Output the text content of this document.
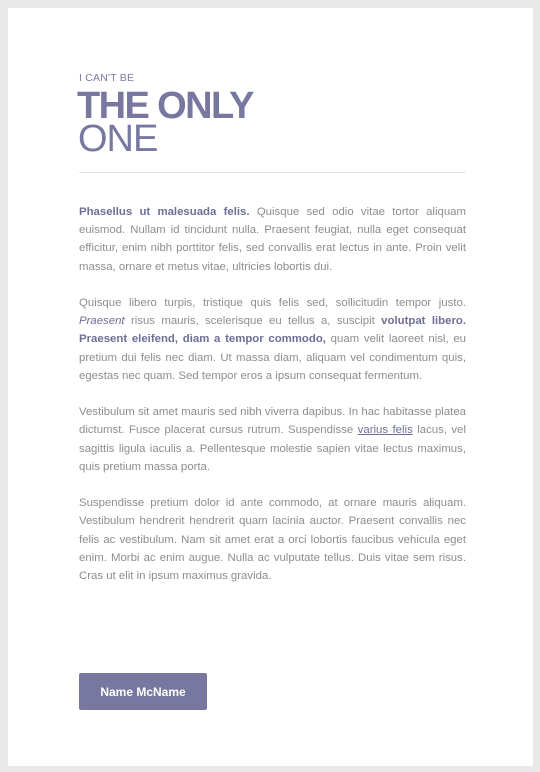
I CAN'T BE
THE ONLY
ONE

Phasellus ut malesuada felis. Quisque sed odio vitae tortor aliquam euismod. Nullam id tincidunt nulla. Praesent feugiat, nulla eget consequat efficitur, enim nibh porttitor felis, sed convallis erat lectus in ante. Proin velit massa, ornare et metus vitae, ultricies lobortis dui.

Quisque libero turpis, tristique quis felis sed, sollicitudin tempor justo. Praesent risus mauris, scelerisque eu tellus a, suscipit volutpat libero. Praesent eleifend, diam a tempor commodo, quam velit laoreet nisl, eu pretium dui felis nec diam. Ut massa diam, aliquam vel condimentum quis, egestas nec quam. Sed tempor eros a ipsum consequat fermentum.

Vestibulum sit amet mauris sed nibh viverra dapibus. In hac habitasse platea dictumst. Fusce placerat cursus rutrum. Suspendisse varius felis lacus, vel sagittis ligula iaculis a. Pellentesque molestie sapien vitae lectus maximus, quis pretium massa porta.

Suspendisse pretium dolor id ante commodo, at ornare mauris aliquam. Vestibulum hendrerit hendrerit quam lacinia auctor. Praesent convallis nec felis ac vestibulum. Nam sit amet erat a orci lobortis faucibus vehicula eget enim. Morbi ac enim augue. Nulla ac vulputate tellus. Duis vitae sem risus. Cras ut elit in ipsum maximus gravida.

Name McName
